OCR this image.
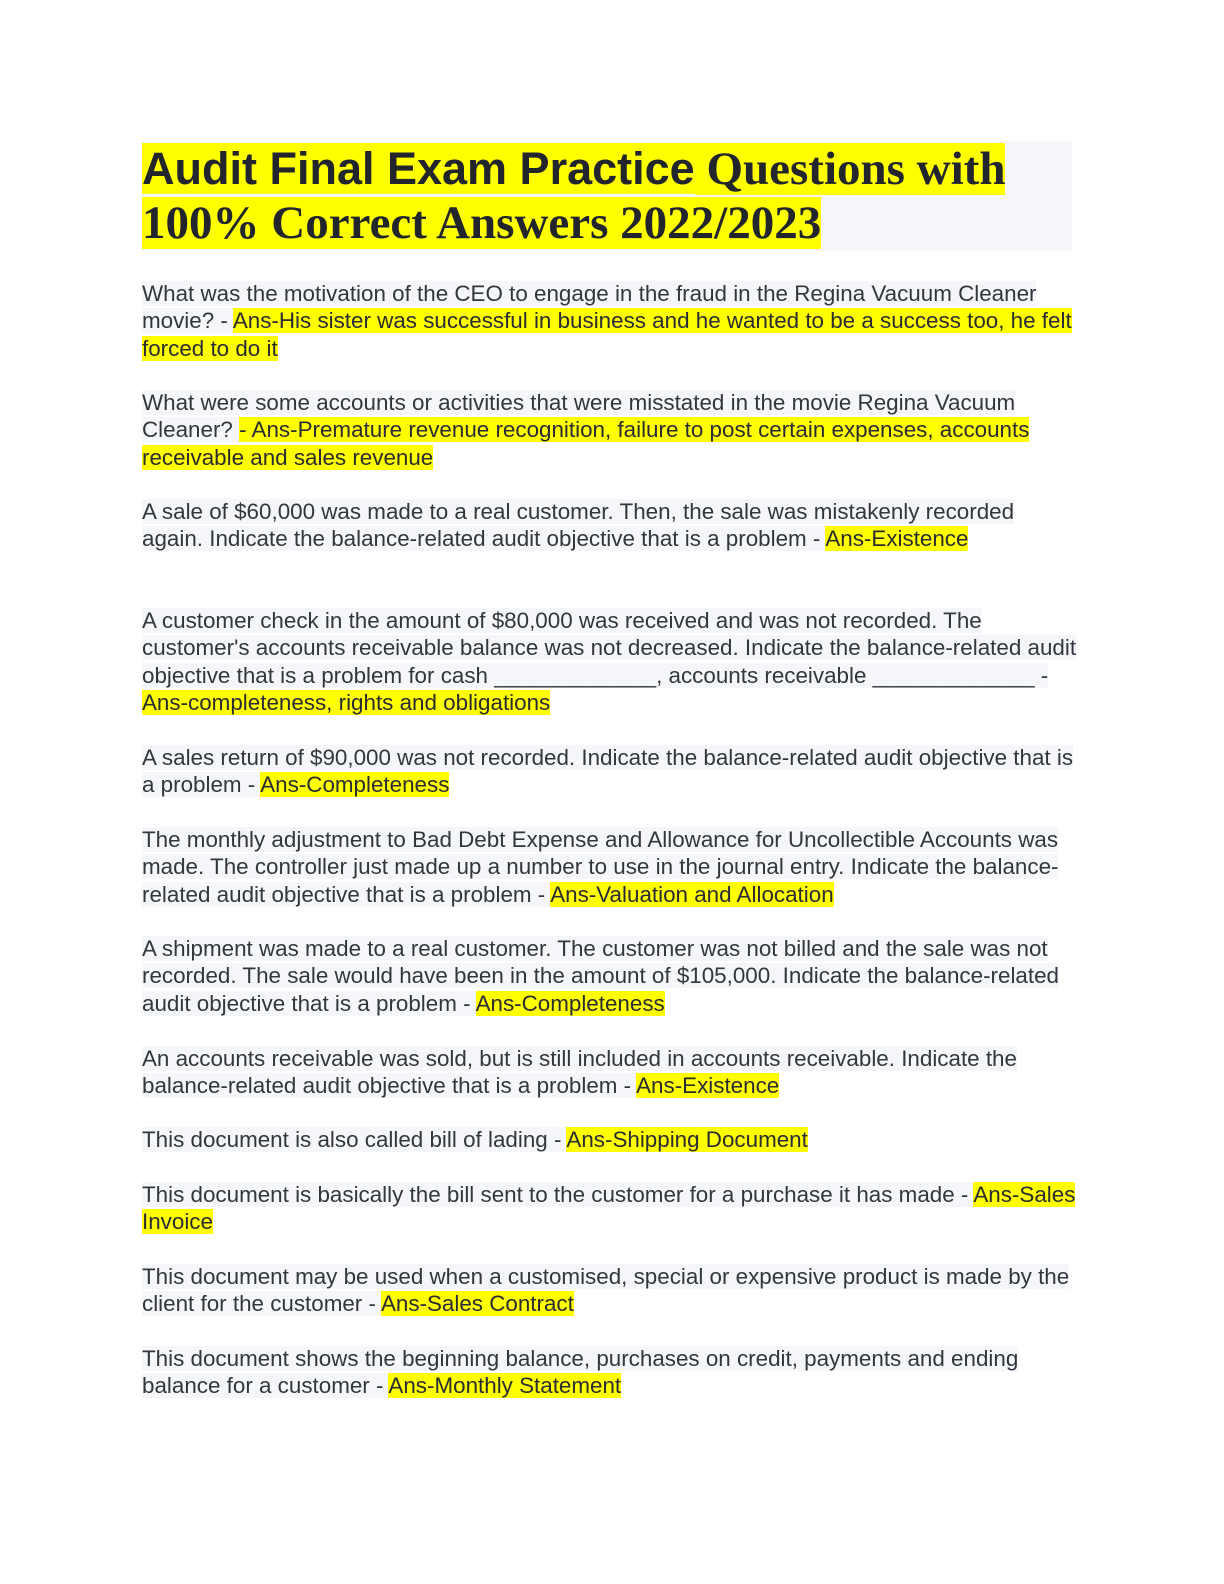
Audit Final Exam Practice Questions with
100% Correct Answers 2022/2023
What was the motivation of the CEO to engage in the fraud in the Regina Vacuum Cleaner movie? - Ans-His sister was successful in business and he wanted to be a success too, he felt forced to do it
What were some accounts or activities that were misstated in the movie Regina Vacuum Cleaner? - Ans-Premature revenue recognition, failure to post certain expenses, accounts receivable and sales revenue
A sale of $60,000 was made to a real customer. Then, the sale was mistakenly recorded again. Indicate the balance-related audit objective that is a problem - Ans-Existence
A customer check in the amount of $80,000 was received and was not recorded. The customer's accounts receivable balance was not decreased. Indicate the balance-related audit objective that is a problem for cash _____________, accounts receivable _____________ - Ans-completeness, rights and obligations
A sales return of $90,000 was not recorded. Indicate the balance-related audit objective that is a problem - Ans-Completeness
The monthly adjustment to Bad Debt Expense and Allowance for Uncollectible Accounts was made. The controller just made up a number to use in the journal entry. Indicate the balance-related audit objective that is a problem - Ans-Valuation and Allocation
A shipment was made to a real customer. The customer was not billed and the sale was not recorded. The sale would have been in the amount of $105,000. Indicate the balance-related audit objective that is a problem - Ans-Completeness
An accounts receivable was sold, but is still included in accounts receivable. Indicate the balance-related audit objective that is a problem - Ans-Existence
This document is also called bill of lading - Ans-Shipping Document
This document is basically the bill sent to the customer for a purchase it has made - Ans-Sales Invoice
This document may be used when a customised, special or expensive product is made by the client for the customer - Ans-Sales Contract
This document shows the beginning balance, purchases on credit, payments and ending balance for a customer - Ans-Monthly Statement
